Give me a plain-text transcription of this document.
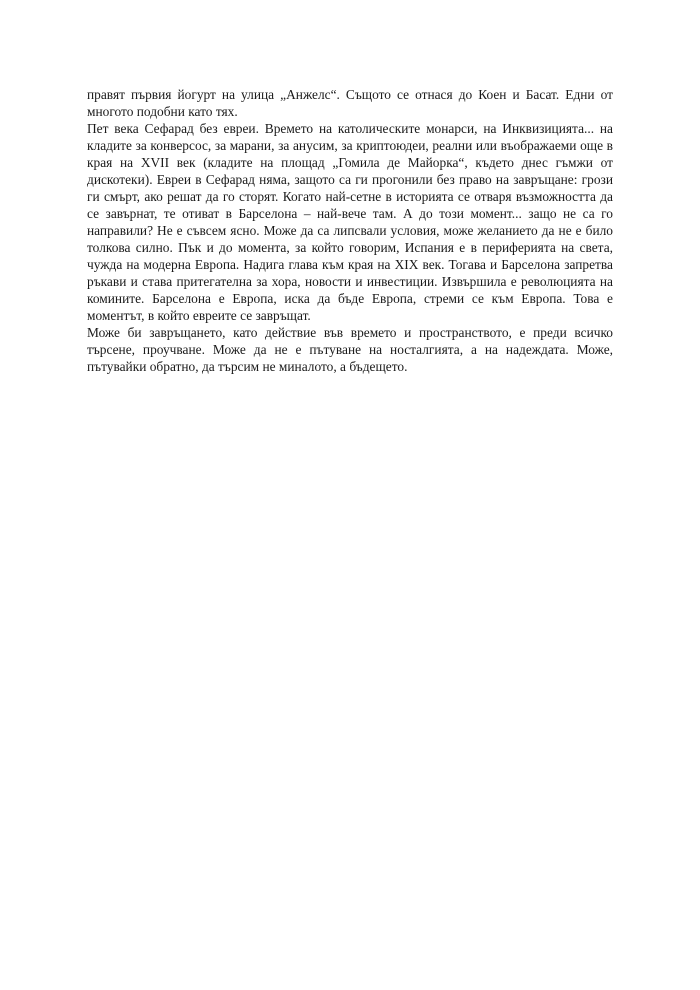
правят първия йогурт на улица „Анжелс“. Същото се отнася до Коен и Басат. Едни от многото подобни като тях.

Пет века Сефарад без евреи. Времето на католическите монарси, на Инквизицията... на кладите за конверсос, за марани, за анусим, за криптоюдеи, реални или въображаеми още в края на XVII век (кладите на площад „Гомила де Майорка“, където днес гъмжи от дискотеки). Евреи в Сефарад няма, защото са ги прогонили без право на завръщане: грози ги смърт, ако решат да го сторят. Когато най-сетне в историята се отваря възможността да се завърнат, те отиват в Барселона – най-вече там. А до този момент... защо не са го направили? Не е съвсем ясно. Може да са липсвали условия, може желанието да не е било толкова силно. Пък и до момента, за който говорим, Испания е в периферията на света, чужда на модерна Европа. Надига глава към края на XIX век. Тогава и Барселона запретва ръкави и става притегателна за хора, новости и инвестиции. Извършила е революцията на комините. Барселона е Европа, иска да бъде Европа, стреми се към Европа. Това е моментът, в който евреите се завръщат.

Може би завръщането, като действие във времето и пространството, е преди всичко търсене, проучване. Може да не е пътуване на носталгията, а на надеждата. Може, пътувайки обратно, да търсим не миналото, а бъдещето.
